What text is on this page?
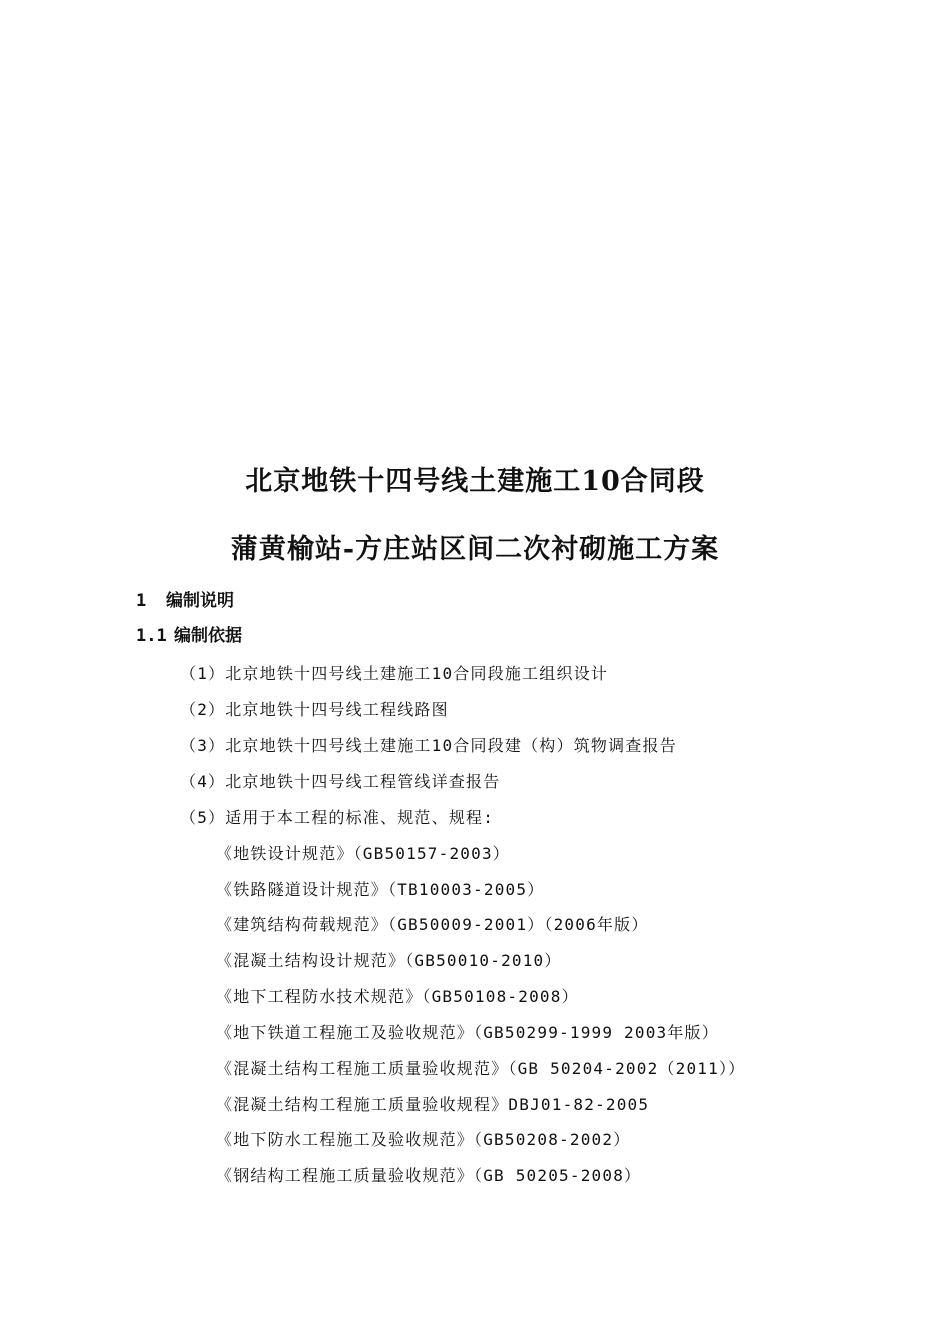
北京地铁十四号线土建施工10合同段
蒲黄榆站-方庄站区间二次衬砌施工方案
1 编制说明
1.1 编制依据
（1）北京地铁十四号线土建施工10合同段施工组织设计
（2）北京地铁十四号线工程线路图
（3）北京地铁十四号线土建施工10合同段建（构）筑物调查报告
（4）北京地铁十四号线工程管线详查报告
（5）适用于本工程的标准、规范、规程:
《地铁设计规范》（GB50157-2003）
《铁路隧道设计规范》（TB10003-2005）
《建筑结构荷载规范》（GB50009-2001）（2006年版）
《混凝土结构设计规范》（GB50010-2010）
《地下工程防水技术规范》（GB50108-2008）
《地下铁道工程施工及验收规范》（GB50299-1999 2003年版）
《混凝土结构工程施工质量验收规范》（GB 50204-2002（2011））
《混凝土结构工程施工质量验收规程》DBJ01-82-2005
《地下防水工程施工及验收规范》（GB50208-2002）
《钢结构工程施工质量验收规范》（GB 50205-2008）
